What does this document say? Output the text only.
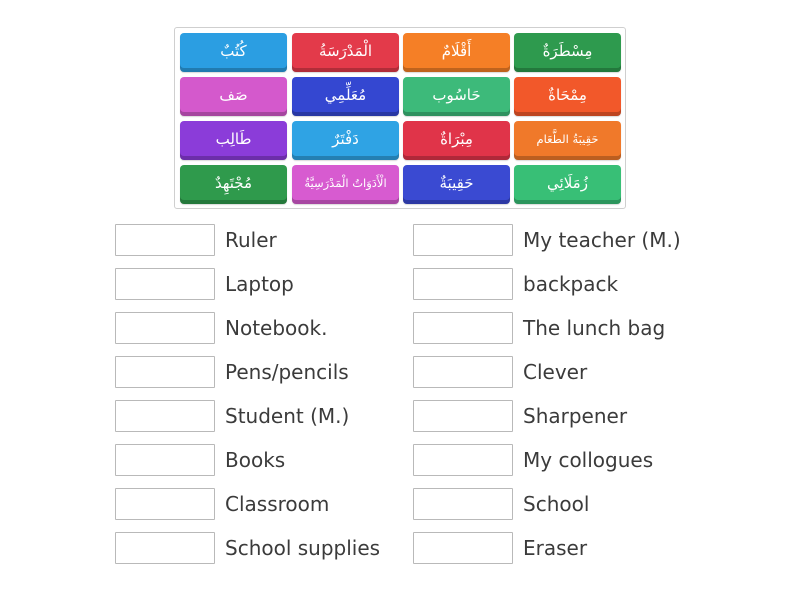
مِسْطَرَةٌ
أَقْلَامٌ
الْمَدْرَسَةُ
كُتُبٌ
مِمْحَاةٌ
حَاسُوب
مُعَلِّمِي
صَف
حَقِيبَةُ الطَّعَام
مِبْرَاةٌ
دَفْتَرٌ
طَالِب
زُمَلَائِي
حَقِيبَةٌ
الْأَدَوَاتُ الْمَدْرَسِيَّةُ
مُجْتَهِدٌ
Ruler
Laptop
Notebook.
Pens/pencils
Student (M.)
Books
Classroom
School supplies
My teacher (M.)
backpack
The lunch bag
Clever
Sharpener
My collogues
School
Eraser
